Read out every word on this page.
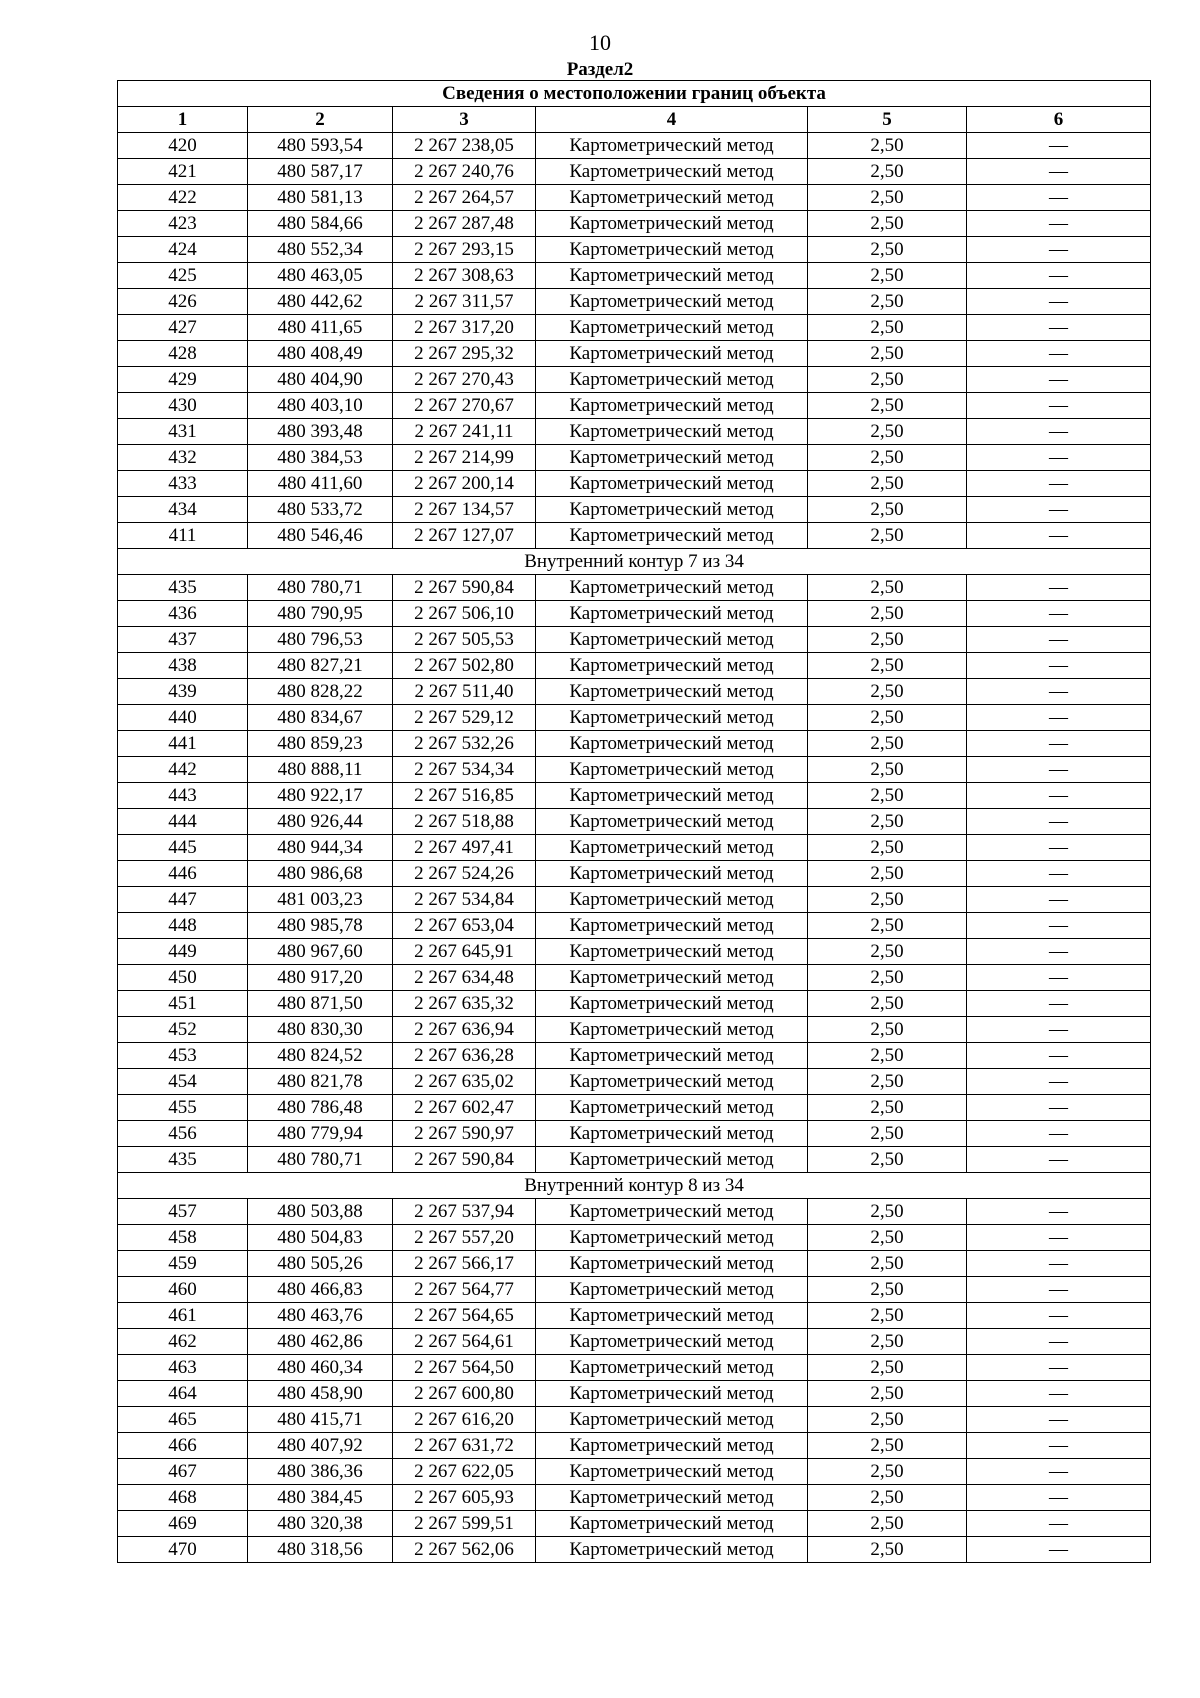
10
Раздел2
Сведения о местоположении границ объекта					
1	2	3	4	5	6
420	480 593,54	2 267 238,05	Картометрический метод	2,50	—
421	480 587,17	2 267 240,76	Картометрический метод	2,50	—
422	480 581,13	2 267 264,57	Картометрический метод	2,50	—
423	480 584,66	2 267 287,48	Картометрический метод	2,50	—
424	480 552,34	2 267 293,15	Картометрический метод	2,50	—
425	480 463,05	2 267 308,63	Картометрический метод	2,50	—
426	480 442,62	2 267 311,57	Картометрический метод	2,50	—
427	480 411,65	2 267 317,20	Картометрический метод	2,50	—
428	480 408,49	2 267 295,32	Картометрический метод	2,50	—
429	480 404,90	2 267 270,43	Картометрический метод	2,50	—
430	480 403,10	2 267 270,67	Картометрический метод	2,50	—
431	480 393,48	2 267 241,11	Картометрический метод	2,50	—
432	480 384,53	2 267 214,99	Картометрический метод	2,50	—
433	480 411,60	2 267 200,14	Картометрический метод	2,50	—
434	480 533,72	2 267 134,57	Картометрический метод	2,50	—
411	480 546,46	2 267 127,07	Картометрический метод	2,50	—
Внутренний контур 7 из 34					
435	480 780,71	2 267 590,84	Картометрический метод	2,50	—
436	480 790,95	2 267 506,10	Картометрический метод	2,50	—
437	480 796,53	2 267 505,53	Картометрический метод	2,50	—
438	480 827,21	2 267 502,80	Картометрический метод	2,50	—
439	480 828,22	2 267 511,40	Картометрический метод	2,50	—
440	480 834,67	2 267 529,12	Картометрический метод	2,50	—
441	480 859,23	2 267 532,26	Картометрический метод	2,50	—
442	480 888,11	2 267 534,34	Картометрический метод	2,50	—
443	480 922,17	2 267 516,85	Картометрический метод	2,50	—
444	480 926,44	2 267 518,88	Картометрический метод	2,50	—
445	480 944,34	2 267 497,41	Картометрический метод	2,50	—
446	480 986,68	2 267 524,26	Картометрический метод	2,50	—
447	481 003,23	2 267 534,84	Картометрический метод	2,50	—
448	480 985,78	2 267 653,04	Картометрический метод	2,50	—
449	480 967,60	2 267 645,91	Картометрический метод	2,50	—
450	480 917,20	2 267 634,48	Картометрический метод	2,50	—
451	480 871,50	2 267 635,32	Картометрический метод	2,50	—
452	480 830,30	2 267 636,94	Картометрический метод	2,50	—
453	480 824,52	2 267 636,28	Картометрический метод	2,50	—
454	480 821,78	2 267 635,02	Картометрический метод	2,50	—
455	480 786,48	2 267 602,47	Картометрический метод	2,50	—
456	480 779,94	2 267 590,97	Картометрический метод	2,50	—
435	480 780,71	2 267 590,84	Картометрический метод	2,50	—
Внутренний контур 8 из 34					
457	480 503,88	2 267 537,94	Картометрический метод	2,50	—
458	480 504,83	2 267 557,20	Картометрический метод	2,50	—
459	480 505,26	2 267 566,17	Картометрический метод	2,50	—
460	480 466,83	2 267 564,77	Картометрический метод	2,50	—
461	480 463,76	2 267 564,65	Картометрический метод	2,50	—
462	480 462,86	2 267 564,61	Картометрический метод	2,50	—
463	480 460,34	2 267 564,50	Картометрический метод	2,50	—
464	480 458,90	2 267 600,80	Картометрический метод	2,50	—
465	480 415,71	2 267 616,20	Картометрический метод	2,50	—
466	480 407,92	2 267 631,72	Картометрический метод	2,50	—
467	480 386,36	2 267 622,05	Картометрический метод	2,50	—
468	480 384,45	2 267 605,93	Картометрический метод	2,50	—
469	480 320,38	2 267 599,51	Картометрический метод	2,50	—
470	480 318,56	2 267 562,06	Картометрический метод	2,50	—
